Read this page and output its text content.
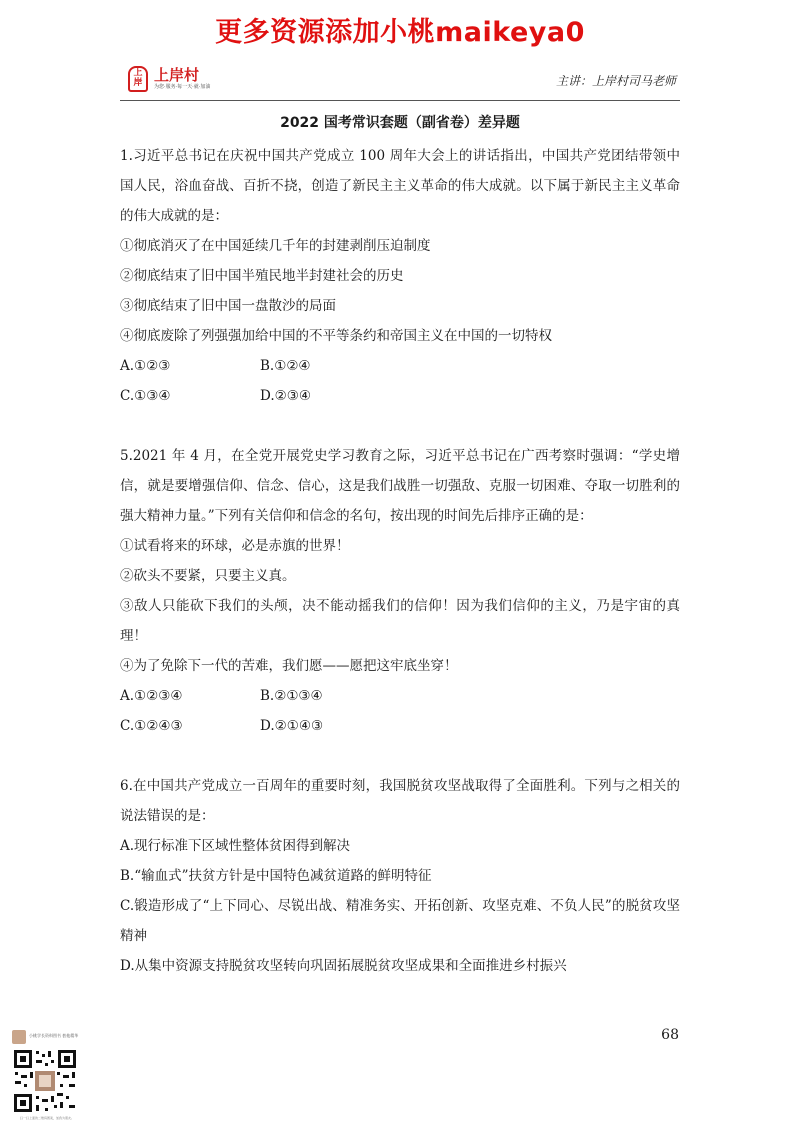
更多资源添加小桃maikeya0
上岸 上岸村
为您·服务·每一天·就·加油	主讲：上岸村司马老师
2022 国考常识套题（副省卷）差异题

1.习近平总书记在庆祝中国共产党成立 100 周年大会上的讲话指出，中国共产党团结带领中国人民，浴血奋战、百折不挠，创造了新民主主义革命的伟大成就。以下属于新民主主义革命的伟大成就的是：

①彻底消灭了在中国延续几千年的封建剥削压迫制度

②彻底结束了旧中国半殖民地半封建社会的历史

③彻底结束了旧中国一盘散沙的局面

④彻底废除了列强强加给中国的不平等条约和帝国主义在中国的一切特权

A.①②③	B.①②④
C.①③④	D.②③④

5.2021 年 4 月，在全党开展党史学习教育之际，习近平总书记在广西考察时强调：“学史增信，就是要增强信仰、信念、信心，这是我们战胜一切强敌、克服一切困难、夺取一切胜利的强大精神力量。”下列有关信仰和信念的名句，按出现的时间先后排序正确的是：

①试看将来的环球，必是赤旗的世界！

②砍头不要紧，只要主义真。

③敌人只能砍下我们的头颅，决不能动摇我们的信仰！因为我们信仰的主义，乃是宇宙的真理！

④为了免除下一代的苦难，我们愿——愿把这牢底坐穿！

A.①②③④	B.②①③④
C.①②④③	D.②①④③

6.在中国共产党成立一百周年的重要时刻，我国脱贫攻坚战取得了全面胜利。下列与之相关的说法错误的是：

A.现行标准下区域性整体贫困得到解决

B.“输血式”扶贫方针是中国特色减贫道路的鲜明特征

C.锻造形成了“上下同心、尽锐出战、精准务实、开拓创新、攻坚克难、不负人民”的脱贫攻坚精神

D.从集中资源支持脱贫攻坚转向巩固拓展脱贫攻坚成果和全面推进乡村振兴

68
小桃学长资料图书 套他精华
扫一扫上面的二维码图案，加我为朋友。
